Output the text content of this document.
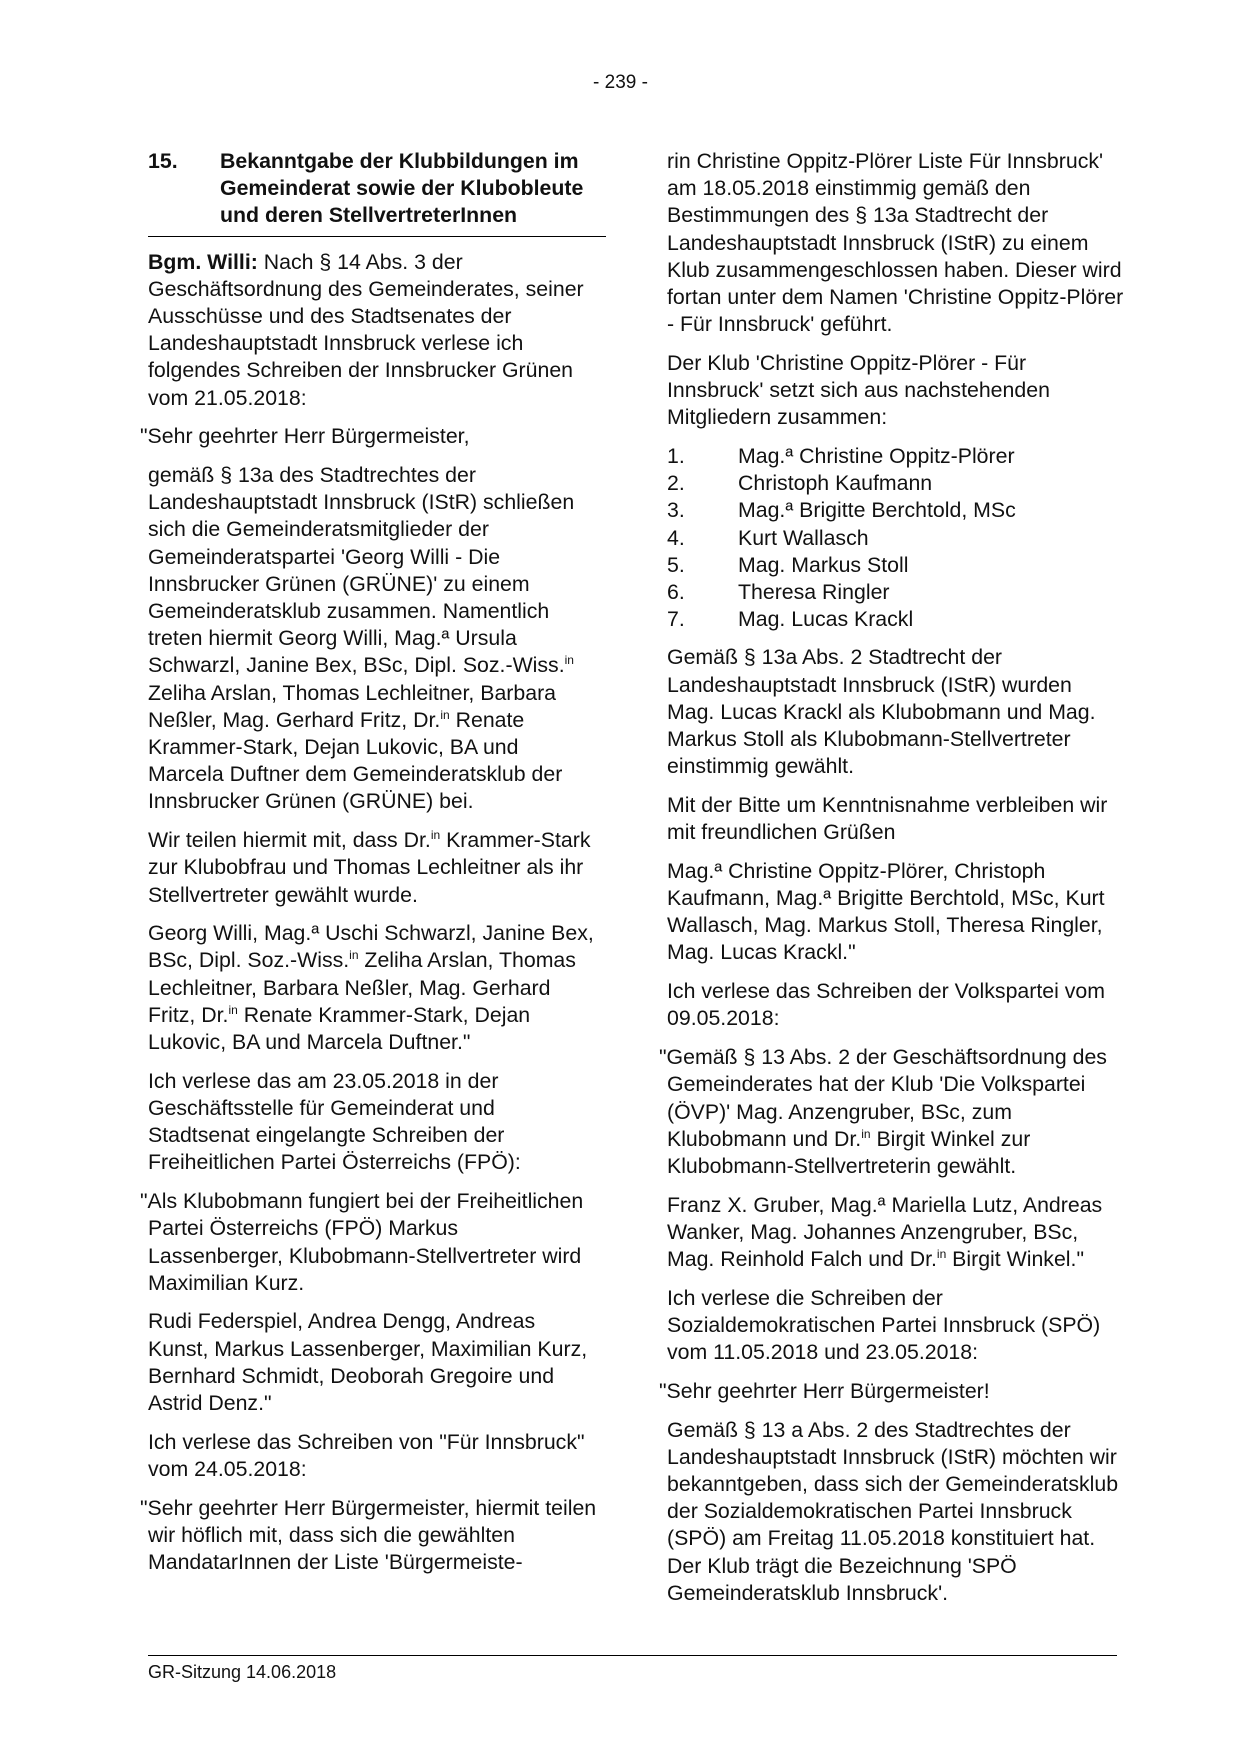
- 239 -
15.	Bekanntgabe der Klubbildungen im Gemeinderat sowie der Klubobleute und deren StellvertreterInnen

Bgm. Willi: Nach § 14 Abs. 3 der Geschäftsordnung des Gemeinderates, seiner Ausschüsse und des Stadtsenates der Landeshauptstadt Innsbruck verlese ich folgendes Schreiben der Innsbrucker Grünen vom 21.05.2018:

"Sehr geehrter Herr Bürgermeister,

gemäß § 13a des Stadtrechtes der Landeshauptstadt Innsbruck (IStR) schließen sich die Gemeinderatsmitglieder der Gemeinderatspartei 'Georg Willi - Die Innsbrucker Grünen (GRÜNE)' zu einem Gemeinderatsklub zusammen. Namentlich treten hiermit Georg Willi, Mag.ª Ursula Schwarzl, Janine Bex, BSc, Dipl. Soz.-Wiss.$^{in}$ Zeliha Arslan, Thomas Lechleitner, Barbara Neßler, Mag. Gerhard Fritz, Dr.$^{in}$ Renate Krammer-Stark, Dejan Lukovic, BA und Marcela Duftner dem Gemeinderatsklub der Innsbrucker Grünen (GRÜNE) bei.

Wir teilen hiermit mit, dass Dr.$^{in}$ Krammer-Stark zur Klubobfrau und Thomas Lechleitner als ihr Stellvertreter gewählt wurde.

Georg Willi, Mag.ª Uschi Schwarzl, Janine Bex, BSc, Dipl. Soz.-Wiss.$^{in}$ Zeliha Arslan, Thomas Lechleitner, Barbara Neßler, Mag. Gerhard Fritz, Dr.$^{in}$ Renate Krammer-Stark, Dejan Lukovic, BA und Marcela Duftner."

Ich verlese das am 23.05.2018 in der Geschäftsstelle für Gemeinderat und Stadtsenat eingelangte Schreiben der Freiheitlichen Partei Österreichs (FPÖ):

"Als Klubobmann fungiert bei der Freiheitlichen Partei Österreichs (FPÖ) Markus Lassenberger, Klubobmann-Stellvertreter wird Maximilian Kurz.

Rudi Federspiel, Andrea Dengg, Andreas Kunst, Markus Lassenberger, Maximilian Kurz, Bernhard Schmidt, Deoborah Gregoire und Astrid Denz."

Ich verlese das Schreiben von "Für Innsbruck" vom 24.05.2018:

"Sehr geehrter Herr Bürgermeister, hiermit teilen wir höflich mit, dass sich die gewählten MandatarInnen der Liste 'Bürgermeiste-

rin Christine Oppitz-Plörer Liste Für Innsbruck' am 18.05.2018 einstimmig gemäß den Bestimmungen des § 13a Stadtrecht der Landeshauptstadt Innsbruck (IStR) zu einem Klub zusammengeschlossen haben. Dieser wird fortan unter dem Namen 'Christine Oppitz-Plörer - Für Innsbruck' geführt.

Der Klub 'Christine Oppitz-Plörer - Für Innsbruck' setzt sich aus nachstehenden Mitgliedern zusammen:

1.	Mag.ª Christine Oppitz-Plörer
2.	Christoph Kaufmann
3.	Mag.ª Brigitte Berchtold, MSc
4.	Kurt Wallasch
5.	Mag. Markus Stoll
6.	Theresa Ringler
7.	Mag. Lucas Krackl

Gemäß § 13a Abs. 2 Stadtrecht der Landeshauptstadt Innsbruck (IStR) wurden Mag. Lucas Krackl als Klubobmann und Mag. Markus Stoll als Klubobmann-Stellvertreter einstimmig gewählt.

Mit der Bitte um Kenntnisnahme verbleiben wir mit freundlichen Grüßen

Mag.ª Christine Oppitz-Plörer, Christoph Kaufmann, Mag.ª Brigitte Berchtold, MSc, Kurt Wallasch, Mag. Markus Stoll, Theresa Ringler, Mag. Lucas Krackl."

Ich verlese das Schreiben der Volkspartei vom 09.05.2018:

"Gemäß § 13 Abs. 2 der Geschäftsordnung des Gemeinderates hat der Klub 'Die Volkspartei (ÖVP)' Mag. Anzengruber, BSc, zum Klubobmann und Dr.$^{in}$ Birgit Winkel zur Klubobmann-Stellvertreterin gewählt.

Franz X. Gruber, Mag.ª Mariella Lutz, Andreas Wanker, Mag. Johannes Anzengruber, BSc, Mag. Reinhold Falch und Dr.$^{in}$ Birgit Winkel."

Ich verlese die Schreiben der Sozialdemokratischen Partei Innsbruck (SPÖ) vom 11.05.2018 und 23.05.2018:

"Sehr geehrter Herr Bürgermeister!

Gemäß § 13 a Abs. 2 des Stadtrechtes der Landeshauptstadt Innsbruck (IStR) möchten wir bekanntgeben, dass sich der Gemeinderatsklub der Sozialdemokratischen Partei Innsbruck (SPÖ) am Freitag 11.05.2018 konstituiert hat. Der Klub trägt die Bezeichnung 'SPÖ Gemeinderatsklub Innsbruck'.

GR-Sitzung 14.06.2018
